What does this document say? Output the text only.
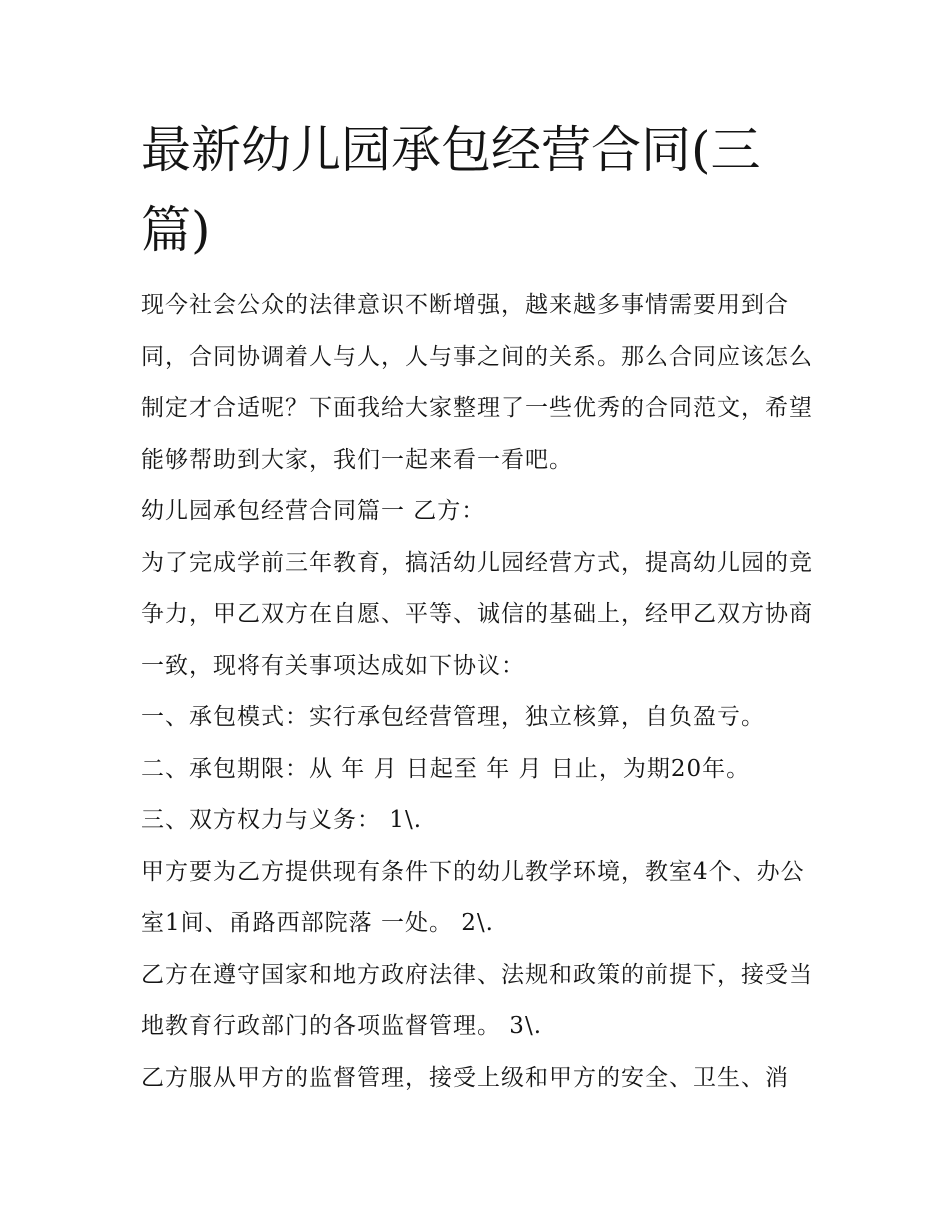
最新幼儿园承包经营合同(三篇)

现今社会公众的法律意识不断增强，越来越多事情需要用到合同，合同协调着人与人，人与事之间的关系。那么合同应该怎么制定才合适呢？下面我给大家整理了一些优秀的合同范文，希望能够帮助到大家，我们一起来看一看吧。

幼儿园承包经营合同篇一 乙方：

为了完成学前三年教育，搞活幼儿园经营方式，提高幼儿园的竞争力，甲乙双方在自愿、平等、诚信的基础上，经甲乙双方协商一致，现将有关事项达成如下协议：

一、承包模式：实行承包经营管理，独立核算，自负盈亏。

二、承包期限：从 年 月 日起至 年 月 日止，为期20年。

三、双方权力与义务： 1\.

甲方要为乙方提供现有条件下的幼儿教学环境，教室4个、办公室1间、甬路西部院落 一处。 2\.

乙方在遵守国家和地方政府法律、法规和政策的前提下，接受当地教育行政部门的各项监督管理。 3\.

乙方服从甲方的监督管理，接受上级和甲方的安全、卫生、消
